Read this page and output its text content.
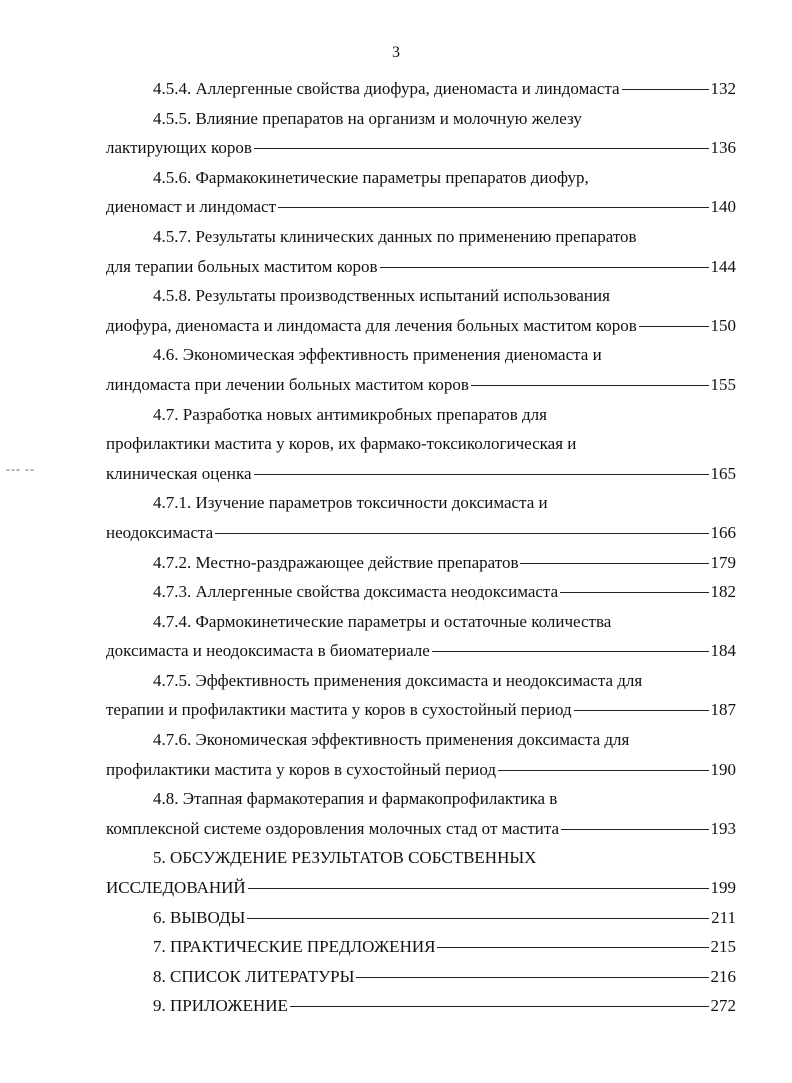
3
--- --
4.5.4. Аллергенные свойства диофура, диеномаста и линдомаста	132
4.5.5. Влияние препаратов на организм и молочную железу
лактирующих коров	136
4.5.6. Фармакокинетические параметры препаратов диофур,
диеномаст и линдомаст	140
4.5.7. Результаты клинических данных по применению препаратов
для терапии больных маститом коров	144
4.5.8. Результаты производственных испытаний использования
диофура, диеномаста и линдомаста для лечения больных маститом коров	150
4.6. Экономическая эффективность применения диеномаста и
линдомаста при лечении больных маститом коров	155
4.7. Разработка новых антимикробных препаратов для
профилактики мастита у коров, их фармако-токсикологическая и
клиническая оценка	165
4.7.1. Изучение параметров токсичности доксимаста и
неодоксимаста	166
4.7.2. Местно-раздражающее действие препаратов	179
4.7.3. Аллергенные свойства доксимаста неодоксимаста	182
4.7.4. Фармокинетические параметры и остаточные количества
доксимаста и неодоксимаста в биоматериале	184
4.7.5. Эффективность применения доксимаста и неодоксимаста для
терапии и профилактики мастита у коров в сухостойный период	187
4.7.6. Экономическая эффективность применения доксимаста для
профилактики мастита у коров в сухостойный период	190
4.8. Этапная фармакотерапия и фармакопрофилактика в
комплексной системе оздоровления молочных стад от мастита	193
5. ОБСУЖДЕНИЕ РЕЗУЛЬТАТОВ СОБСТВЕННЫХ
ИССЛЕДОВАНИЙ	199
6. ВЫВОДЫ	211
7. ПРАКТИЧЕСКИЕ ПРЕДЛОЖЕНИЯ	215
8. СПИСОК ЛИТЕРАТУРЫ	216
9. ПРИЛОЖЕНИЕ	272
